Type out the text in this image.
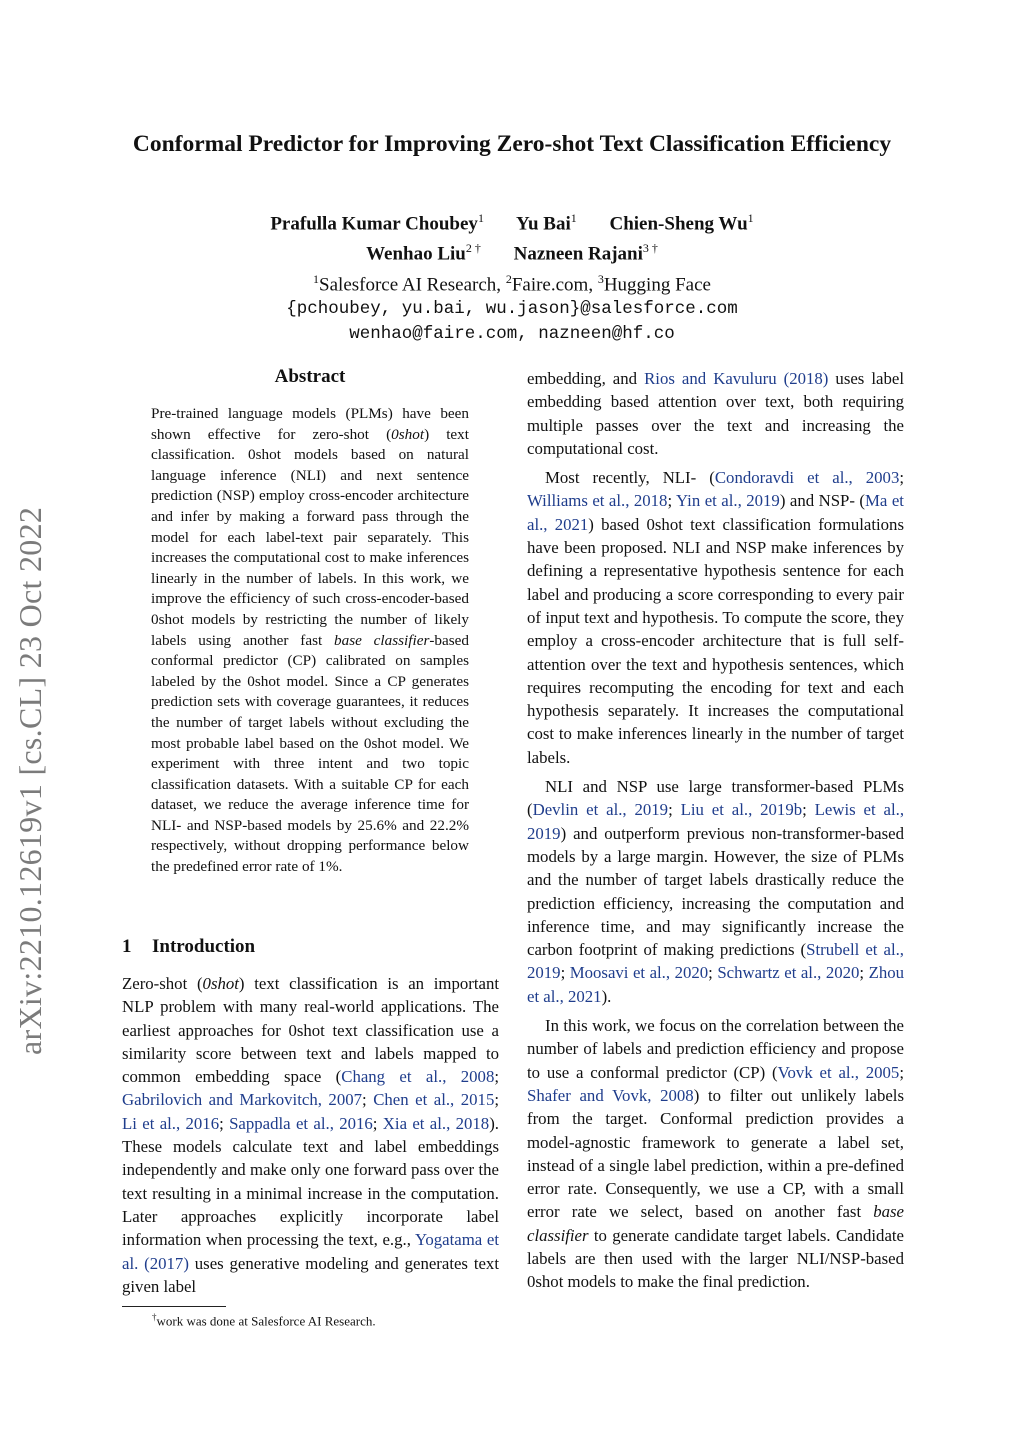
arXiv:2210.12619v1 [cs.CL] 23 Oct 2022
Conformal Predictor for Improving Zero-shot Text Classification Efficiency
Prafulla Kumar Choubey$^1$ Yu Bai$^1$ Chien-Sheng Wu$^1$
Wenhao Liu$^{2 \dagger}$ Nazneen Rajani$^{3 \dagger}$
$^1$Salesforce AI Research, $^2$Faire.com, $^3$Hugging Face
{pchoubey, yu.bai, wu.jason}@salesforce.com
wenhao@faire.com, nazneen@hf.co
Abstract
Pre-trained language models (PLMs) have been shown effective for zero-shot (0shot) text classification. 0shot models based on natural language inference (NLI) and next sentence prediction (NSP) employ cross-encoder architecture and infer by making a forward pass through the model for each label-text pair separately. This increases the computational cost to make inferences linearly in the number of labels. In this work, we improve the efficiency of such cross-encoder-based 0shot models by restricting the number of likely labels using another fast base classifier-based conformal predictor (CP) calibrated on samples labeled by the 0shot model. Since a CP generates prediction sets with coverage guarantees, it reduces the number of target labels without excluding the most probable label based on the 0shot model. We experiment with three intent and two topic classification datasets. With a suitable CP for each dataset, we reduce the average inference time for NLI- and NSP-based models by 25.6% and 22.2% respectively, without dropping performance below the predefined error rate of 1%.
1 Introduction
Zero-shot (0shot) text classification is an important NLP problem with many real-world applications. The earliest approaches for 0shot text classification use a similarity score between text and labels mapped to common embedding space (Chang et al., 2008; Gabrilovich and Markovitch, 2007; Chen et al., 2015; Li et al., 2016; Sappadla et al., 2016; Xia et al., 2018). These models calculate text and label embeddings independently and make only one forward pass over the text resulting in a minimal increase in the computation. Later approaches explicitly incorporate label information when processing the text, e.g., Yogatama et al. (2017) uses generative modeling and generates text given label
†work was done at Salesforce AI Research.

embedding, and Rios and Kavuluru (2018) uses label embedding based attention over text, both requiring multiple passes over the text and increasing the computational cost.

Most recently, NLI- (Condoravdi et al., 2003; Williams et al., 2018; Yin et al., 2019) and NSP- (Ma et al., 2021) based 0shot text classification formulations have been proposed. NLI and NSP make inferences by defining a representative hypothesis sentence for each label and producing a score corresponding to every pair of input text and hypothesis. To compute the score, they employ a cross-encoder architecture that is full self-attention over the text and hypothesis sentences, which requires recomputing the encoding for text and each hypothesis separately. It increases the computational cost to make inferences linearly in the number of target labels.

NLI and NSP use large transformer-based PLMs (Devlin et al., 2019; Liu et al., 2019b; Lewis et al., 2019) and outperform previous non-transformer-based models by a large margin. However, the size of PLMs and the number of target labels drastically reduce the prediction efficiency, increasing the computation and inference time, and may significantly increase the carbon footprint of making predictions (Strubell et al., 2019; Moosavi et al., 2020; Schwartz et al., 2020; Zhou et al., 2021).

In this work, we focus on the correlation between the number of labels and prediction efficiency and propose to use a conformal predictor (CP) (Vovk et al., 2005; Shafer and Vovk, 2008) to filter out unlikely labels from the target. Conformal prediction provides a model-agnostic framework to generate a label set, instead of a single label prediction, within a pre-defined error rate. Consequently, we use a CP, with a small error rate we select, based on another fast base classifier to generate candidate target labels. Candidate labels are then used with the larger NLI/NSP-based 0shot models to make the final prediction.
